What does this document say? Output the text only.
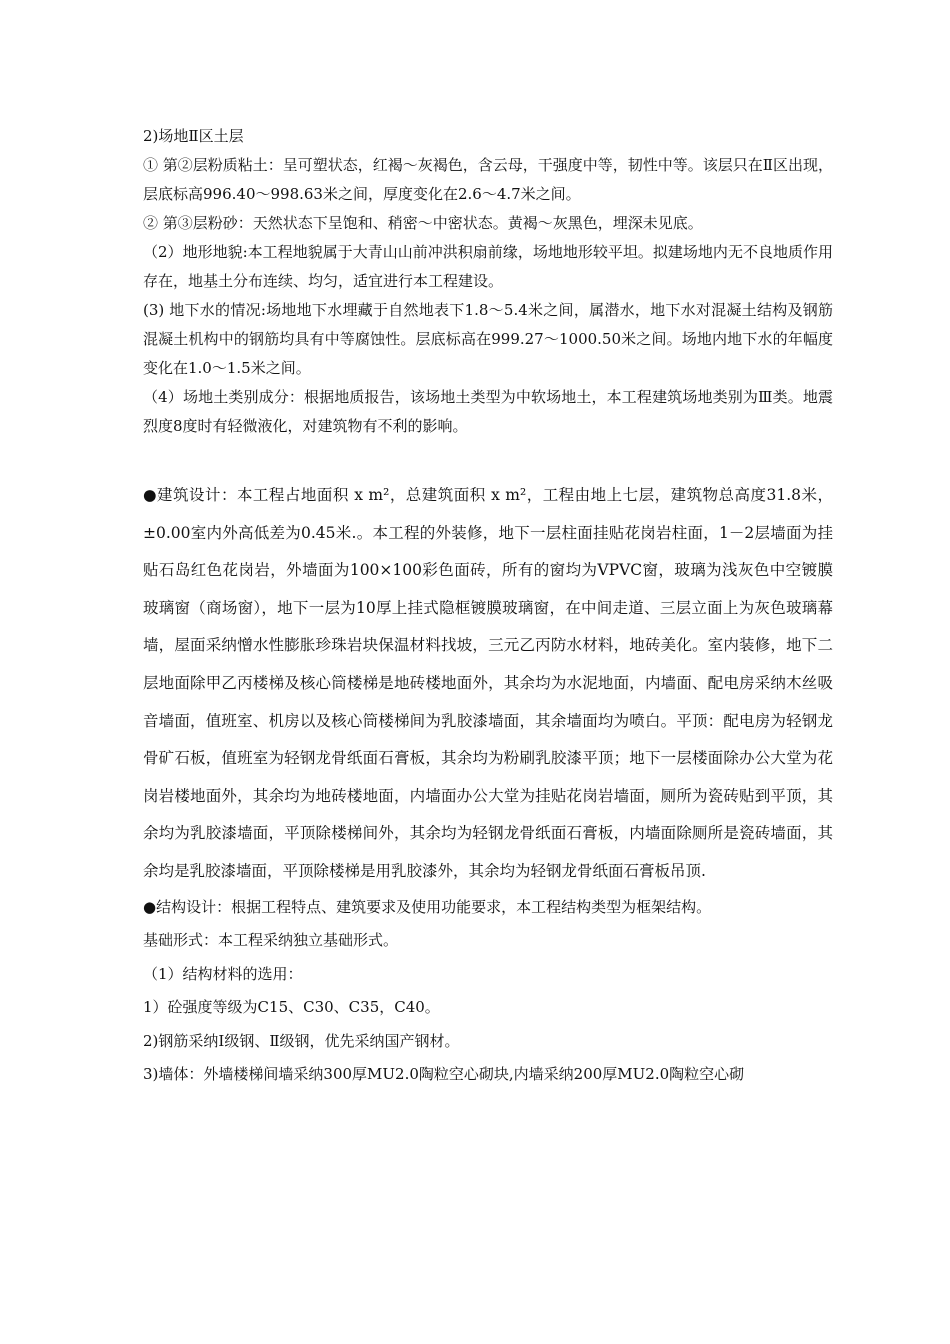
2)场地Ⅱ区土层

① 第②层粉质粘土：呈可塑状态，红褐～灰褐色，含云母，干强度中等，韧性中等。该层只在Ⅱ区出现，层底标高996.40～998.63米之间，厚度变化在2.6～4.7米之间。

② 第③层粉砂：天然状态下呈饱和、稍密～中密状态。黄褐～灰黑色，埋深未见底。

（2）地形地貌:本工程地貌属于大青山山前冲洪积扇前缘，场地地形较平坦。拟建场地内无不良地质作用存在，地基土分布连续、均匀，适宜进行本工程建设。

(3) 地下水的情况:场地地下水埋藏于自然地表下1.8～5.4米之间，属潜水，地下水对混凝土结构及钢筋混凝土机构中的钢筋均具有中等腐蚀性。层底标高在999.27～1000.50米之间。场地内地下水的年幅度变化在1.0～1.5米之间。

（4）场地土类别成分：根据地质报告，该场地土类型为中软场地土，本工程建筑场地类别为Ⅲ类。地震烈度8度时有轻微液化，对建筑物有不利的影响。

●建筑设计：本工程占地面积 x m²，总建筑面积 x m²，工程由地上七层，建筑物总高度31.8米，±0.00室内外高低差为0.45米.。本工程的外装修，地下一层柱面挂贴花岗岩柱面，1－2层墙面为挂贴石岛红色花岗岩，外墙面为100×100彩色面砖，所有的窗均为VPVC窗，玻璃为浅灰色中空镀膜玻璃窗（商场窗），地下一层为10厚上挂式隐框镀膜玻璃窗，在中间走道、三层立面上为灰色玻璃幕墙，屋面采纳憎水性膨胀珍珠岩块保温材料找坡，三元乙丙防水材料，地砖美化。室内装修，地下二层地面除甲乙丙楼梯及核心筒楼梯是地砖楼地面外，其余均为水泥地面，内墙面、配电房采纳木丝吸音墙面，值班室、机房以及核心筒楼梯间为乳胶漆墙面，其余墙面均为喷白。平顶：配电房为轻钢龙骨矿石板，值班室为轻钢龙骨纸面石膏板，其余均为粉刷乳胶漆平顶；地下一层楼面除办公大堂为花岗岩楼地面外，其余均为地砖楼地面，内墙面办公大堂为挂贴花岗岩墙面，厕所为瓷砖贴到平顶，其余均为乳胶漆墙面，平顶除楼梯间外，其余均为轻钢龙骨纸面石膏板，内墙面除厕所是瓷砖墙面，其余均是乳胶漆墙面，平顶除楼梯是用乳胶漆外，其余均为轻钢龙骨纸面石膏板吊顶.

●结构设计：根据工程特点、建筑要求及使用功能要求，本工程结构类型为框架结构。

基础形式：本工程采纳独立基础形式。

（1）结构材料的选用：

1）砼强度等级为C15、C30、C35，C40。

2)钢筋采纳Ⅰ级钢、Ⅱ级钢，优先采纳国产钢材。

3)墙体：外墙楼梯间墙采纳300厚MU2.0陶粒空心砌块,内墙采纳200厚MU2.0陶粒空心砌
